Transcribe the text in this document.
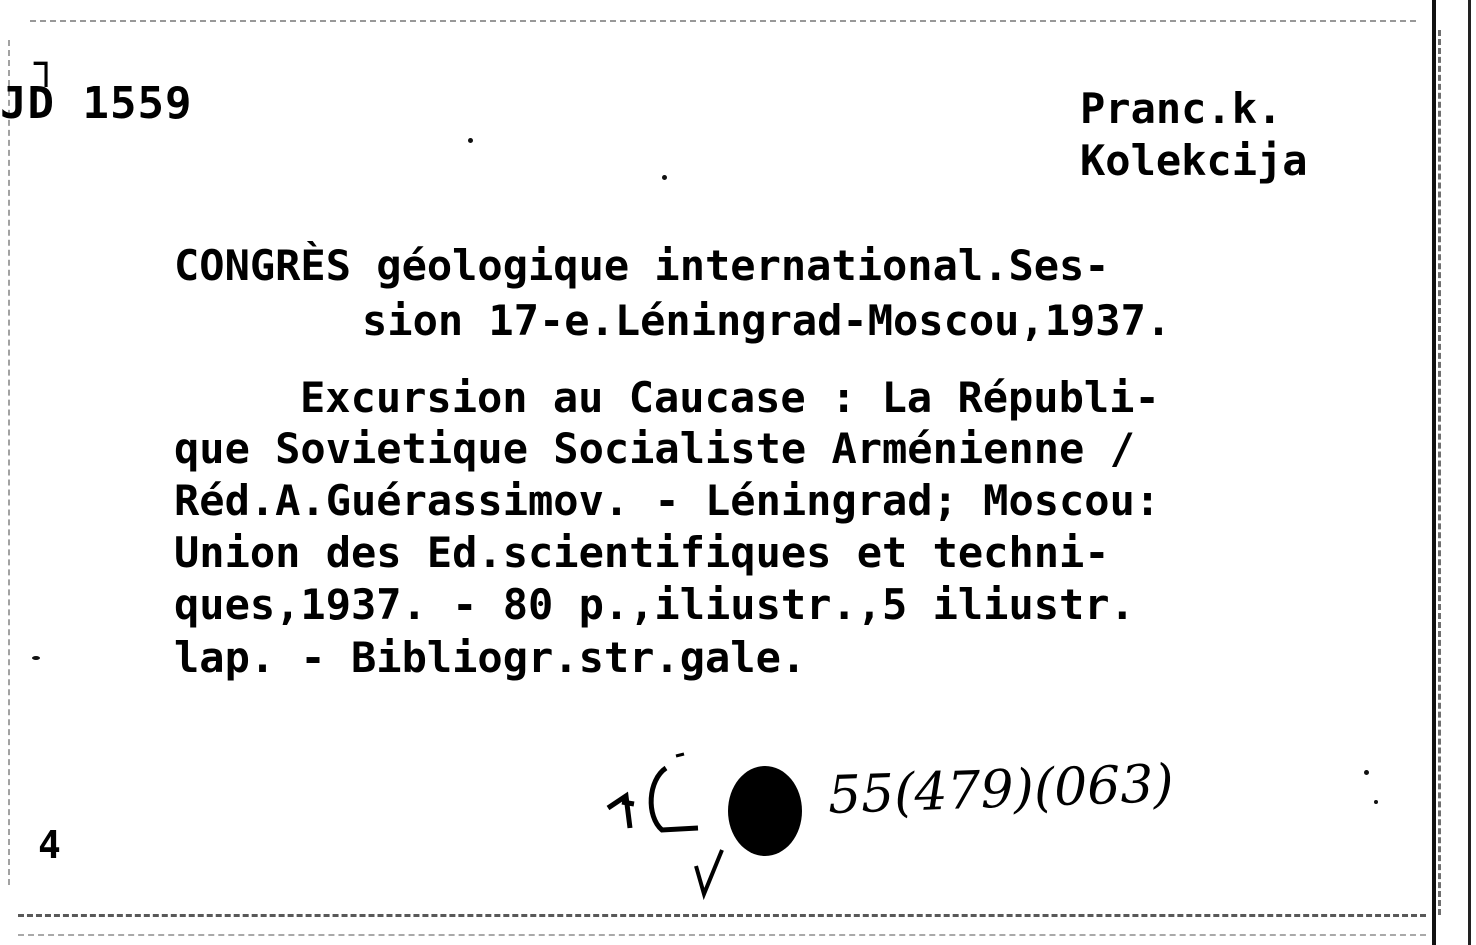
┐
JD 1559	Pranc.k.
Kolekcija
CONGRÈS géologique international.Ses-
sion 17-e.Léningrad-Moscou,1937.
Excursion au Caucase : La Républi-
que Sovietique Socialiste Arménienne /
Réd.A.Guérassimov. - Léningrad; Moscou:
Union des Ed.scientifiques et techni-
ques,1937. - 80 p.,iliustr.,5 iliustr.
lap. - Bibliogr.str.gale.
55(479)(063)
4
